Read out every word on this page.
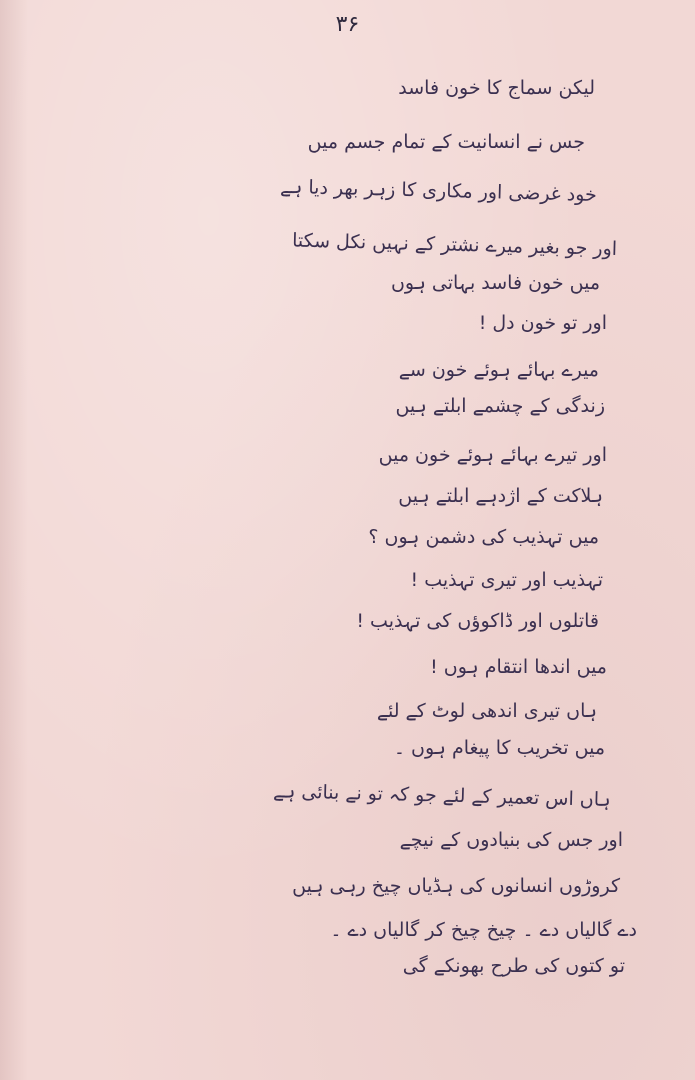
۳۶
لیکن سماج کا خون فاسد
جس نے انسانیت کے تمام جسم میں
خود غرضی اور مکاری کا زہر بھر دیا ہے
اور جو بغیر میرے نشتر کے نہیں نکل سکتا
میں خون فاسد بہاتی ہوں
اور تو خون دل !
میرے بہائے ہوئے خون سے
زندگی کے چشمے ابلتے ہیں
اور تیرے بہائے ہوئے خون میں
ہلاکت کے اژدہے ابلتے ہیں
میں تہذیب کی دشمن ہوں ؟
تہذیب اور تیری تہذیب !
قاتلوں اور ڈاکوؤں کی تہذیب !
میں اندھا انتقام ہوں !
ہاں تیری اندھی لوٹ کے لئے
میں تخریب کا پیغام ہوں ۔
ہاں اس تعمیر کے لئے جو کہ تو نے بنائی ہے
اور جس کی بنیادوں کے نیچے
کروڑوں انسانوں کی ہڈیاں چیخ رہی ہیں
دے گالیاں دے ۔ چیخ چیخ کر گالیاں دے ۔
تو کتوں کی طرح بھونکے گی
